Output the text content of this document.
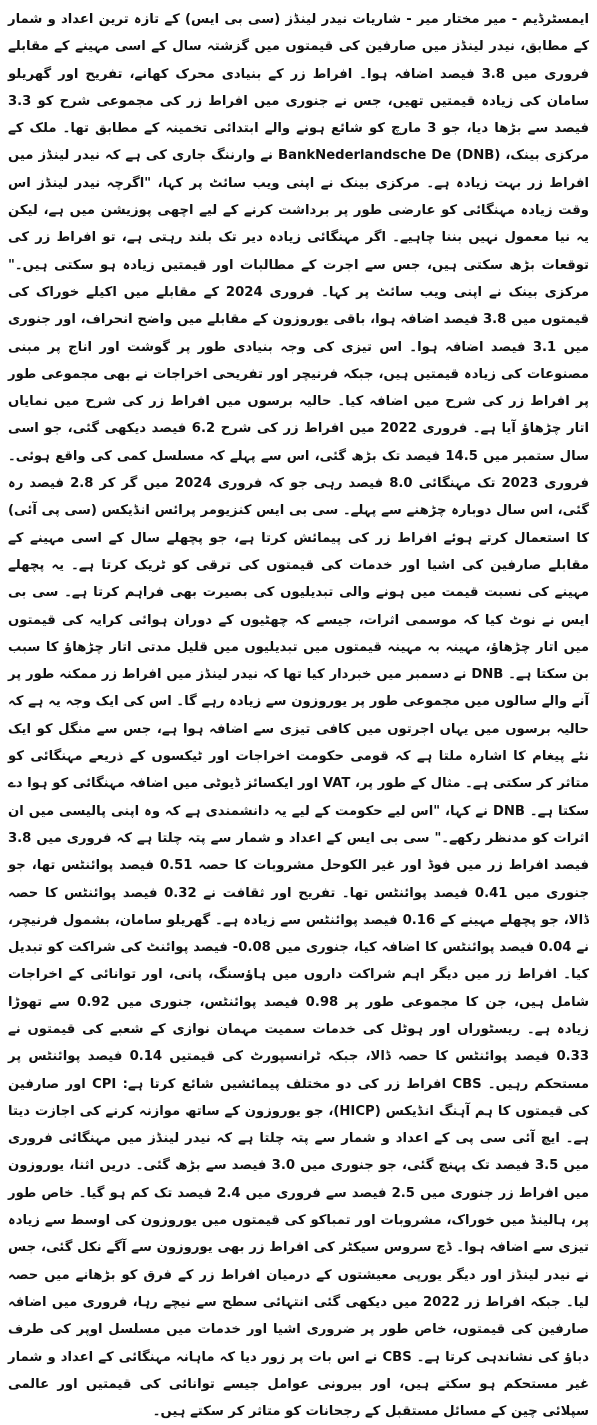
ایمسٹرڈیم - میر مختار میر - شاریات نیدر لینڈز (سی بی ایس) کے تازہ ترین اعداد و شمار کے مطابق، نیدر لینڈز میں صارفین کی قیمتوں میں گزشتہ سال کے اسی مہینے کے مقابلے فروری میں 3.8 فیصد اضافہ ہوا۔ افراط زر کے بنیادی محرک کھانے، تفریح اور گھریلو سامان کی زیادہ قیمتیں تھیں، جس نے جنوری میں افراط زر کی مجموعی شرح کو 3.3 فیصد سے بڑھا دیا، جو 3 مارچ کو شائع ہونے والے ابتدائی تخمینہ کے مطابق تھا۔ ملک کے مرکزی بینک، (DNB) BankNederlandsche De نے وارننگ جاری کی ہے کہ نیدر لینڈز میں افراط زر بہت زیادہ ہے۔ مرکزی بینک نے اپنی ویب سائٹ پر کہا، "اگرچہ نیدر لینڈز اس وقت زیادہ مہنگائی کو عارضی طور پر برداشت کرنے کے لیے اچھی پوزیشن میں ہے، لیکن یہ نیا معمول نہیں بننا چاہیے۔ اگر مہنگائی زیادہ دیر تک بلند رہتی ہے، تو افراط زر کی توقعات بڑھ سکتی ہیں، جس سے اجرت کے مطالبات اور قیمتیں زیادہ ہو سکتی ہیں۔" مرکزی بینک نے اپنی ویب سائٹ پر کہا۔ فروری 2024 کے مقابلے میں اکیلے خوراک کی قیمتوں میں 3.8 فیصد اضافہ ہوا، باقی یوروزون کے مقابلے میں واضح انحراف، اور جنوری میں 3.1 فیصد اضافہ ہوا۔ اس تیزی کی وجہ بنیادی طور پر گوشت اور اناج پر مبنی مصنوعات کی زیادہ قیمتیں ہیں، جبکہ فرنیچر اور تفریحی اخراجات نے بھی مجموعی طور پر افراط زر کی شرح میں اضافہ کیا۔ حالیہ برسوں میں افراط زر کی شرح میں نمایاں اتار چڑھاؤ آیا ہے۔ فروری 2022 میں افراط زر کی شرح 6.2 فیصد دیکھی گئی، جو اسی سال ستمبر میں 14.5 فیصد تک بڑھ گئی، اس سے پہلے کہ مسلسل کمی کی واقع ہوئی۔ فروری 2023 تک مہنگائی 8.0 فیصد رہی جو کہ فروری 2024 میں گر کر 2.8 فیصد رہ گئی، اس سال دوبارہ چڑھنے سے پہلے۔ سی بی ایس کنزیومر پرائس انڈیکس (سی پی آئی) کا استعمال کرتے ہوئے افراط زر کی پیمائش کرتا ہے، جو پچھلے سال کے اسی مہینے کے مقابلے صارفین کی اشیا اور خدمات کی قیمتوں کی ترقی کو ٹریک کرتا ہے۔ یہ پچھلے مہینے کی نسبت قیمت میں ہونے والی تبدیلیوں کی بصیرت بھی فراہم کرتا ہے۔ سی بی ایس نے نوٹ کیا کہ موسمی اثرات، جیسے کہ چھٹیوں کے دوران ہوائی کرایہ کی قیمتوں میں اتار چڑھاؤ، مہینہ بہ مہینہ قیمتوں میں تبدیلیوں میں قلیل مدتی اتار چڑھاؤ کا سبب بن سکتا ہے۔ DNB نے دسمبر میں خبردار کیا تھا کہ نیدر لینڈز میں افراط زر ممکنہ طور پر آنے والے سالوں میں مجموعی طور پر یوروزون سے زیادہ رہے گا۔ اس کی ایک وجہ یہ ہے کہ حالیہ برسوں میں یہاں اجرتوں میں کافی تیزی سے اضافہ ہوا ہے، جس سے منگل کو ایک نئے پیغام کا اشارہ ملتا ہے کہ قومی حکومت اخراجات اور ٹیکسوں کے ذریعے مہنگائی کو متاثر کر سکتی ہے۔ مثال کے طور پر، VAT اور ایکسائز ڈیوٹی میں اضافہ مہنگائی کو ہوا دے سکتا ہے۔ DNB نے کہا، "اس لیے حکومت کے لیے یہ دانشمندی ہے کہ وہ اپنی پالیسی میں ان اثرات کو مدنظر رکھے۔" سی بی ایس کے اعداد و شمار سے پتہ چلتا ہے کہ فروری میں 3.8 فیصد افراط زر میں فوڈ اور غیر الکوحل مشروبات کا حصہ 0.51 فیصد پوائنٹس تھا، جو جنوری میں 0.41 فیصد پوائنٹس تھا۔ تفریح اور ثقافت نے 0.32 فیصد پوائنٹس کا حصہ ڈالا، جو پچھلے مہینے کے 0.16 فیصد پوائنٹس سے زیادہ ہے۔ گھریلو سامان، بشمول فرنیچر، نے 0.04 فیصد پوائنٹس کا اضافہ کیا، جنوری میں 0.08- فیصد پوائنٹ کی شراکت کو تبدیل کیا۔ افراط زر میں دیگر اہم شراکت داروں میں ہاؤسنگ، پانی، اور توانائی کے اخراجات شامل ہیں، جن کا مجموعی طور پر 0.98 فیصد پوائنٹس، جنوری میں 0.92 سے تھوڑا زیادہ ہے۔ ریسٹوراں اور ہوٹل کی خدمات سمیت مہمان نوازی کے شعبے کی قیمتوں نے 0.33 فیصد پوائنٹس کا حصہ ڈالا، جبکہ ٹرانسپورٹ کی قیمتیں 0.14 فیصد پوائنٹس پر مستحکم رہیں۔ CBS افراط زر کی دو مختلف پیمائشیں شائع کرتا ہے: CPI اور صارفین کی قیمتوں کا ہم آہنگ انڈیکس (HICP)، جو یوروزون کے ساتھ موازنہ کرنے کی اجازت دیتا ہے۔ ایچ آئی سی پی کے اعداد و شمار سے پتہ چلتا ہے کہ نیدر لینڈز میں مہنگائی فروری میں 3.5 فیصد تک پہنچ گئی، جو جنوری میں 3.0 فیصد سے بڑھ گئی۔ دریں اثنا، یوروزون میں افراط زر جنوری میں 2.5 فیصد سے فروری میں 2.4 فیصد تک کم ہو گیا۔ خاص طور پر، ہالینڈ میں خوراک، مشروبات اور تمباکو کی قیمتوں میں یوروزون کی اوسط سے زیادہ تیزی سے اضافہ ہوا۔ ڈچ سروس سیکٹر کی افراط زر بھی یوروزون سے آگے نکل گئی، جس نے نیدر لینڈز اور دیگر یورپی معیشتوں کے درمیان افراط زر کے فرق کو بڑھانے میں حصہ لیا۔ جبکہ افراط زر 2022 میں دیکھی گئی انتہائی سطح سے نیچے رہا، فروری میں اضافہ صارفین کی قیمتوں، خاص طور پر ضروری اشیا اور خدمات میں مسلسل اوپر کی طرف دباؤ کی نشاندہی کرتا ہے۔ CBS نے اس بات پر زور دیا کہ ماہانہ مہنگائی کے اعداد و شمار غیر مستحکم ہو سکتے ہیں، اور بیرونی عوامل جیسے توانائی کی قیمتیں اور عالمی سپلائی چین کے مسائل مستقبل کے رجحانات کو متاثر کر سکتے ہیں۔
